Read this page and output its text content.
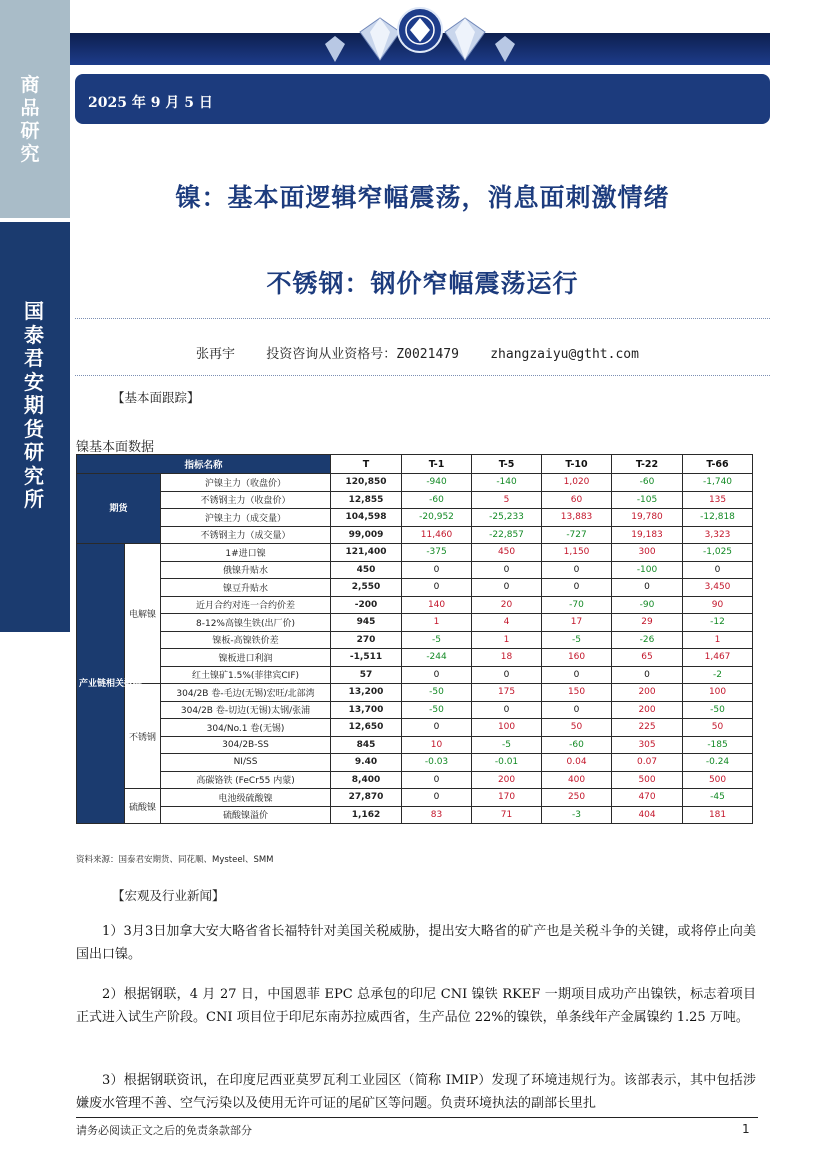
商品研究
国泰君安期货研究所
2025 年 9 月 5 日
镍：基本面逻辑窄幅震荡，消息面刺激情绪
不锈钢：钢价窄幅震荡运行
张再宇    投资咨询从业资格号：Z0021479    zhangzaiyu@gtht.com
【基本面跟踪】
镍基本面数据
指标名称			T	T-1	T-5	T-10	T-22	T-66
期货		沪镍主力（收盘价）	120,850	-940	-140	1,020	-60	-1,740
		不锈钢主力（收盘价）	12,855	-60	5	60	-105	135
		沪镍主力（成交量）	104,598	-20,952	-25,233	13,883	19,780	-12,818
		不锈钢主力（成交量）	99,009	11,460	-22,857	-727	19,183	3,323
产业链相关数据	电解镍	1#进口镍	121,400	-375	450	1,150	300	-1,025
		俄镍升贴水	450	0	0	0	-100	0
		镍豆升贴水	2,550	0	0	0	0	3,450
		近月合约对连一合约价差	-200	140	20	-70	-90	90
		8-12%高镍生铁(出厂价)	945	1	4	17	29	-12
		镍板-高镍铁价差	270	-5	1	-5	-26	1
		镍板进口利润	-1,511	-244	18	160	65	1,467
		红土镍矿1.5%(菲律宾CIF)	57	0	0	0	0	-2
	不锈钢	304/2B 卷-毛边(无锡)宏旺/北部湾	13,200	-50	175	150	200	100
		304/2B 卷-切边(无锡)太钢/张浦	13,700	-50	0	0	200	-50
		304/No.1 卷(无锡)	12,650	0	100	50	225	50
		304/2B-SS	845	10	-5	-60	305	-185
		NI/SS	9.40	-0.03	-0.01	0.04	0.07	-0.24
		高碳铬铁 (FeCr55 内蒙)	8,400	0	200	400	500	500
	硫酸镍	电池级硫酸镍	27,870	0	170	250	470	-45
		硫酸镍溢价	1,162	83	71	-3	404	181
资料来源：国泰君安期货、同花顺、Mysteel、SMM
【宏观及行业新闻】
1）3月3日加拿大安大略省省长福特针对美国关税威胁，提出安大略省的矿产也是关税斗争的关键，或将停止向美国出口镍。
2）根据钢联，4 月 27 日，中国恩菲 EPC 总承包的印尼 CNI 镍铁 RKEF 一期项目成功产出镍铁，标志着项目正式进入试生产阶段。CNI 项目位于印尼东南苏拉威西省，生产品位 22%的镍铁，单条线年产金属镍约 1.25 万吨。
3）根据钢联资讯，在印度尼西亚莫罗瓦利工业园区（简称 IMIP）发现了环境违规行为。该部表示，其中包括涉嫌废水管理不善、空气污染以及使用无许可证的尾矿区等问题。负责环境执法的副部长里扎
请务必阅读正文之后的免责条款部分	1
